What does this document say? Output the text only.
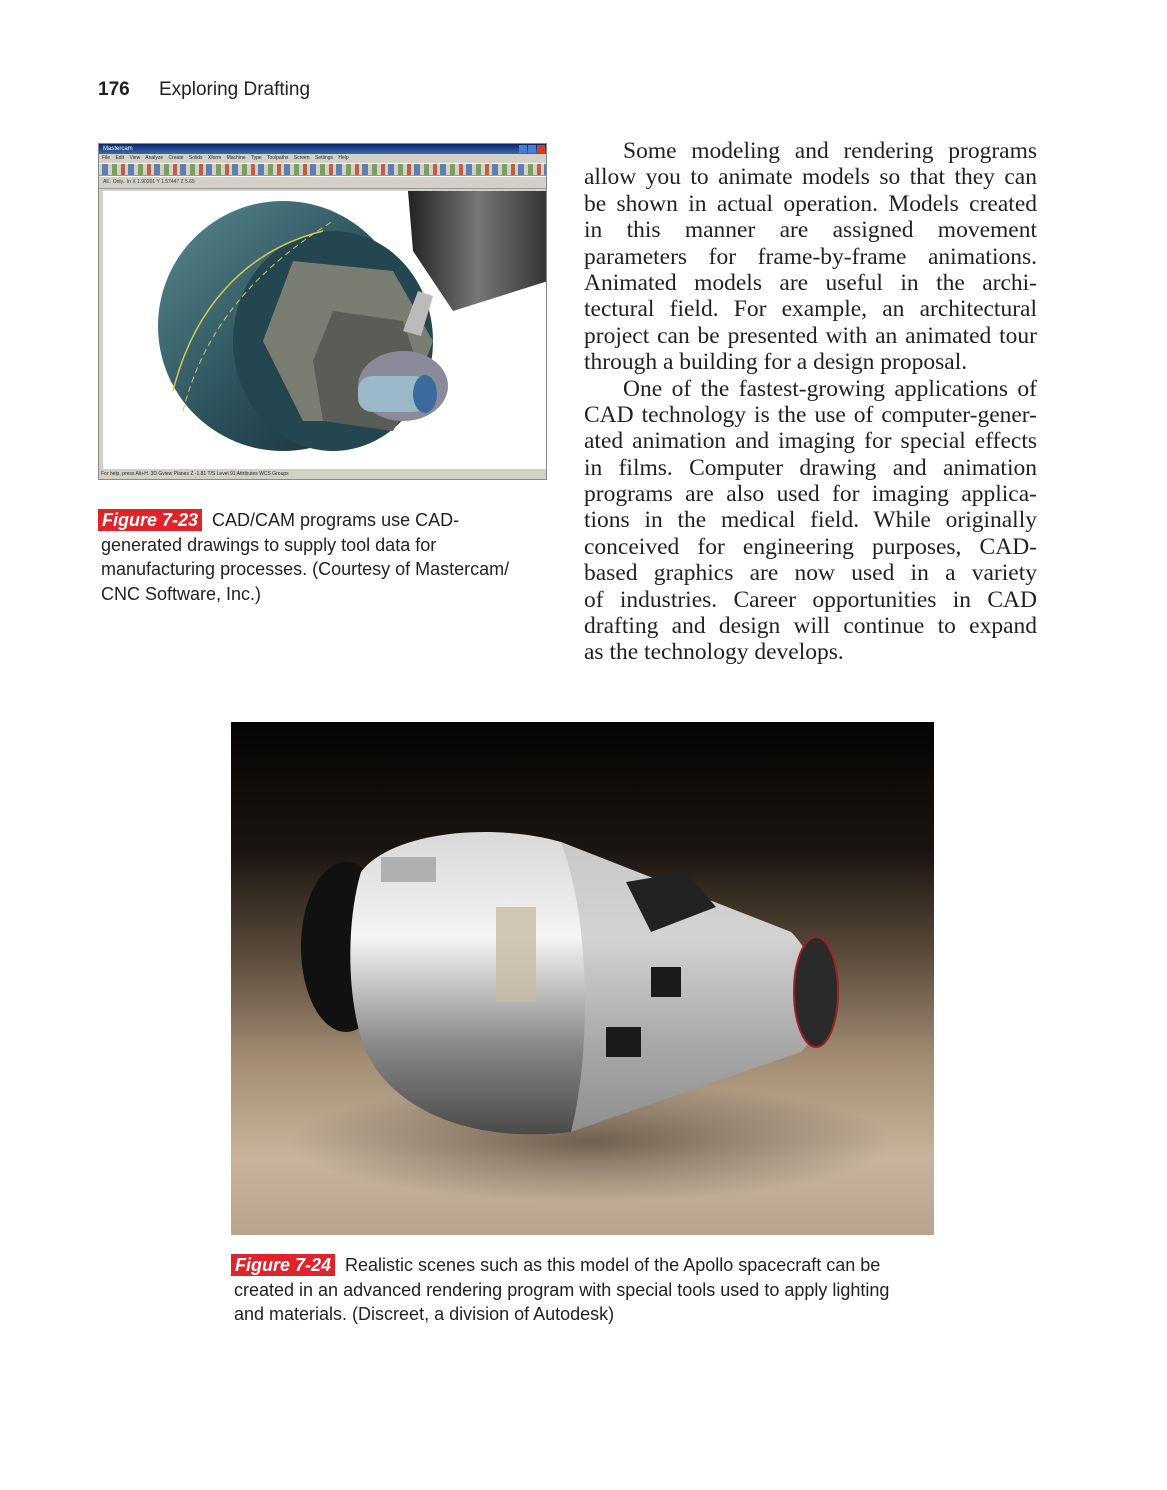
176 Exploring Drafting
Mastercam
File Edit View Analyze Create Solids Xform Machine Type Toolpaths Screen Settings Help
All.. Only.. In X 1.90201 Y 1.57447 Z 5.65
For help, press Alt+H. 3D Gview Planes Z -1.81 T/S Level 91 Attributes WCS Groups
Figure 7-23 CAD/CAM programs use CAD-
generated drawings to supply tool data for
manufacturing processes. (Courtesy of Mastercam/
CNC Software, Inc.)
Some modeling and rendering programs
allow you to animate models so that they can
be shown in actual operation. Models created
in this manner are assigned movement
parameters for frame-by-frame animations.
Animated models are useful in the archi-
tectural field. For example, an architectural
project can be presented with an animated tour
through a building for a design proposal.
One of the fastest-growing applications of
CAD technology is the use of computer-gener-
ated animation and imaging for special effects
in films. Computer drawing and animation
programs are also used for imaging applica-
tions in the medical field. While originally
conceived for engineering purposes, CAD-
based graphics are now used in a variety
of industries. Career opportunities in CAD
drafting and design will continue to expand
as the technology develops.
Figure 7-24 Realistic scenes such as this model of the Apollo spacecraft can be
created in an advanced rendering program with special tools used to apply lighting
and materials. (Discreet, a division of Autodesk)
